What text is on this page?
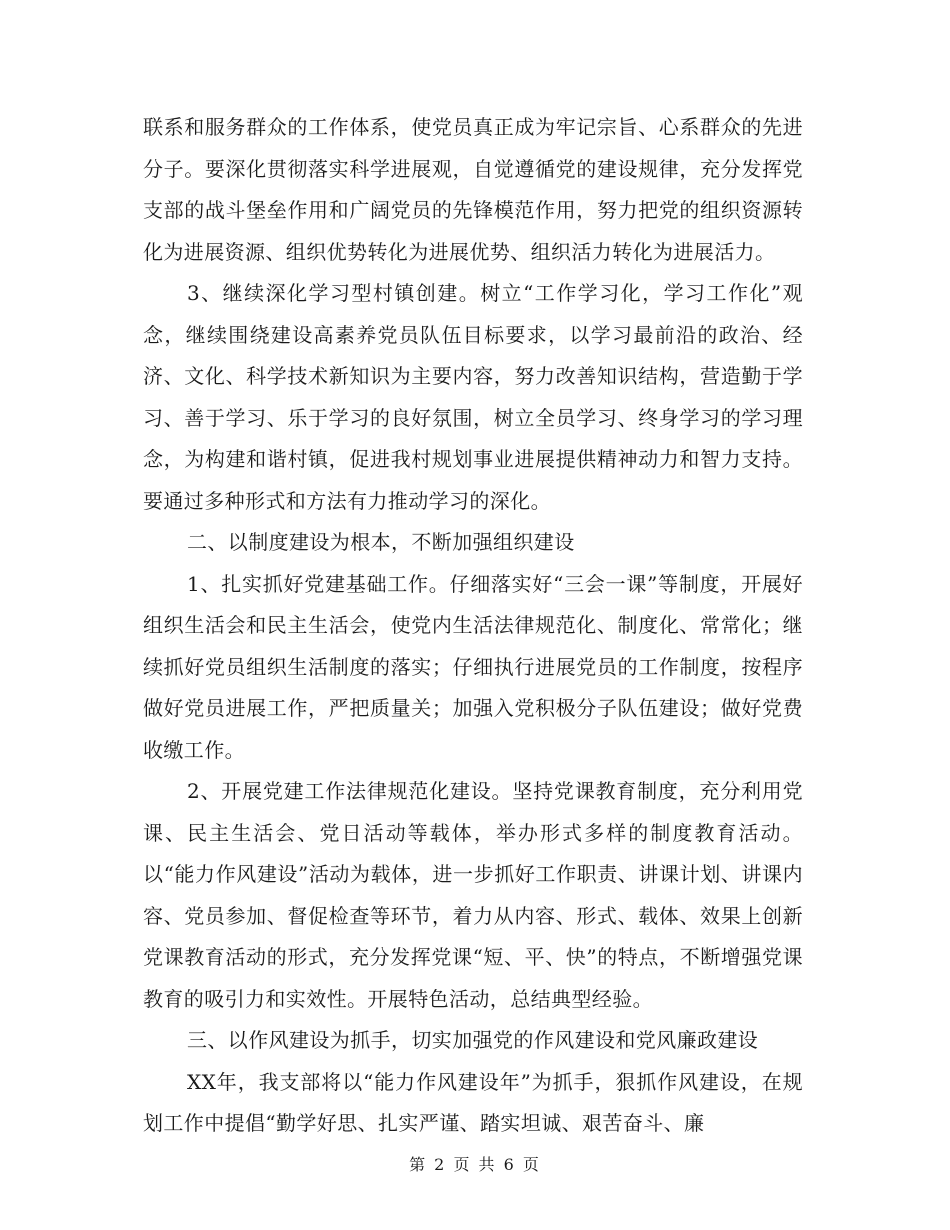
联系和服务群众的工作体系，使党员真正成为牢记宗旨、心系群众的先进分子。要深化贯彻落实科学进展观，自觉遵循党的建设规律，充分发挥党支部的战斗堡垒作用和广阔党员的先锋模范作用，努力把党的组织资源转化为进展资源、组织优势转化为进展优势、组织活力转化为进展活力。

3、继续深化学习型村镇创建。树立“工作学习化，学习工作化”观念，继续围绕建设高素养党员队伍目标要求，以学习最前沿的政治、经济、文化、科学技术新知识为主要内容，努力改善知识结构，营造勤于学习、善于学习、乐于学习的良好氛围，树立全员学习、终身学习的学习理念，为构建和谐村镇，促进我村规划事业进展提供精神动力和智力支持。要通过多种形式和方法有力推动学习的深化。

二、以制度建设为根本，不断加强组织建设

1、扎实抓好党建基础工作。仔细落实好“三会一课”等制度，开展好组织生活会和民主生活会，使党内生活法律规范化、制度化、常常化；继续抓好党员组织生活制度的落实；仔细执行进展党员的工作制度，按程序做好党员进展工作，严把质量关；加强入党积极分子队伍建设；做好党费收缴工作。

2、开展党建工作法律规范化建设。坚持党课教育制度，充分利用党课、民主生活会、党日活动等载体，举办形式多样的制度教育活动。以“能力作风建设”活动为载体，进一步抓好工作职责、讲课计划、讲课内容、党员参加、督促检查等环节，着力从内容、形式、载体、效果上创新党课教育活动的形式，充分发挥党课“短、平、快”的特点，不断增强党课教育的吸引力和实效性。开展特色活动，总结典型经验。

三、以作风建设为抓手，切实加强党的作风建设和党风廉政建设

XX年，我支部将以“能力作风建设年”为抓手，狠抓作风建设，在规划工作中提倡“勤学好思、扎实严谨、踏实坦诚、艰苦奋斗、廉

第 2 页 共 6 页
